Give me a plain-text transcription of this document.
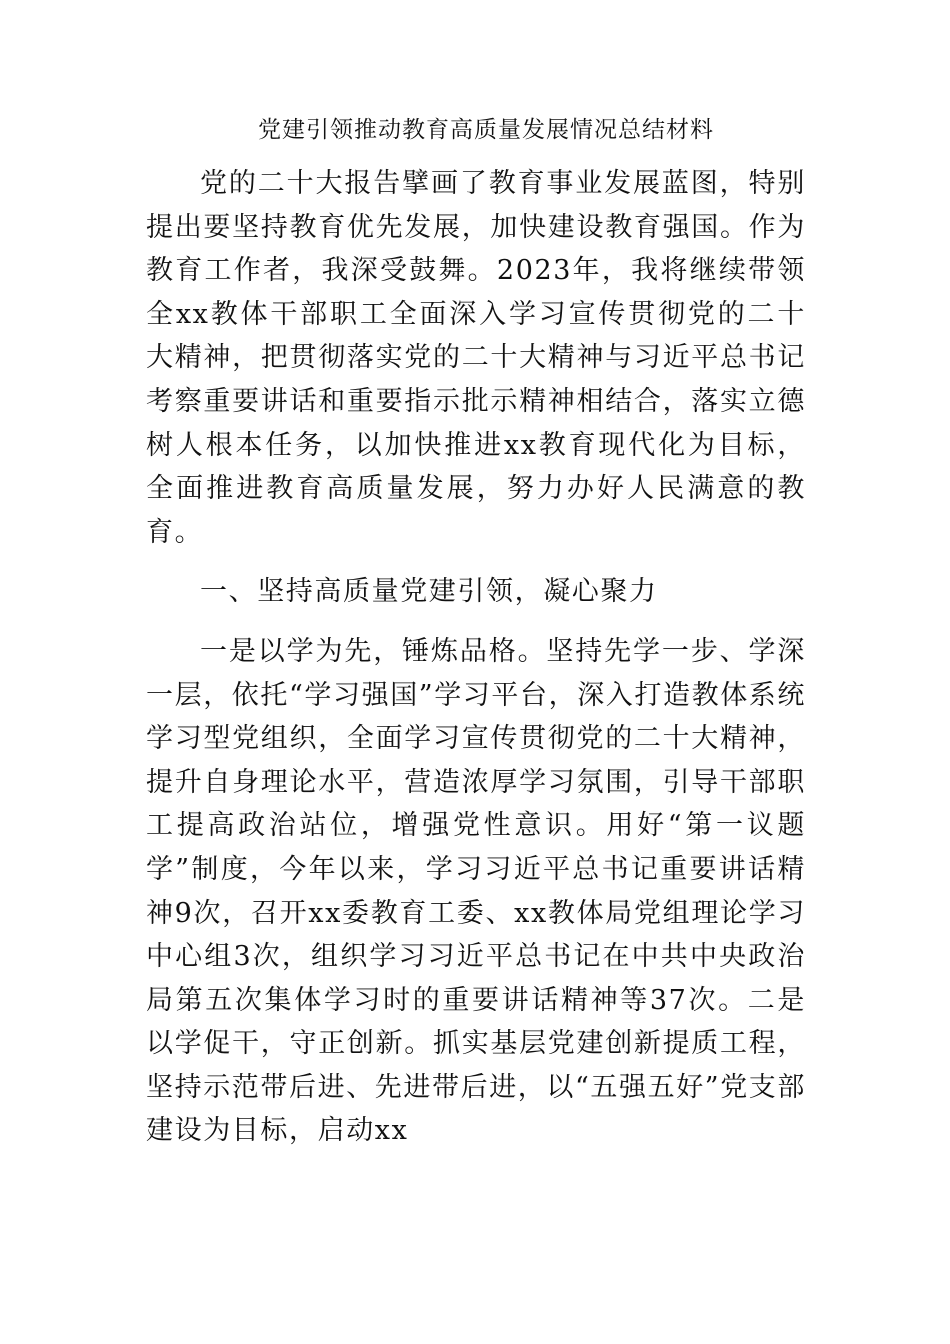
党建引领推动教育高质量发展情况总结材料

党的二十大报告擘画了教育事业发展蓝图，特别提出要坚持教育优先发展，加快建设教育强国。作为教育工作者，我深受鼓舞。2023年，我将继续带领全xx教体干部职工全面深入学习宣传贯彻党的二十大精神，把贯彻落实党的二十大精神与习近平总书记考察重要讲话和重要指示批示精神相结合，落实立德树人根本任务，以加快推进xx教育现代化为目标，全面推进教育高质量发展，努力办好人民满意的教育。

一、坚持高质量党建引领，凝心聚力

一是以学为先，锤炼品格。坚持先学一步、学深一层，依托“学习强国”学习平台，深入打造教体系统学习型党组织，全面学习宣传贯彻党的二十大精神，提升自身理论水平，营造浓厚学习氛围，引导干部职工提高政治站位，增强党性意识。用好“第一议题学”制度，今年以来，学习习近平总书记重要讲话精神9次，召开xx委教育工委、xx教体局党组理论学习中心组3次，组织学习习近平总书记在中共中央政治局第五次集体学习时的重要讲话精神等37次。二是以学促干，守正创新。抓实基层党建创新提质工程，坚持示范带后进、先进带后进，以“五强五好”党支部建设为目标，启动xx
